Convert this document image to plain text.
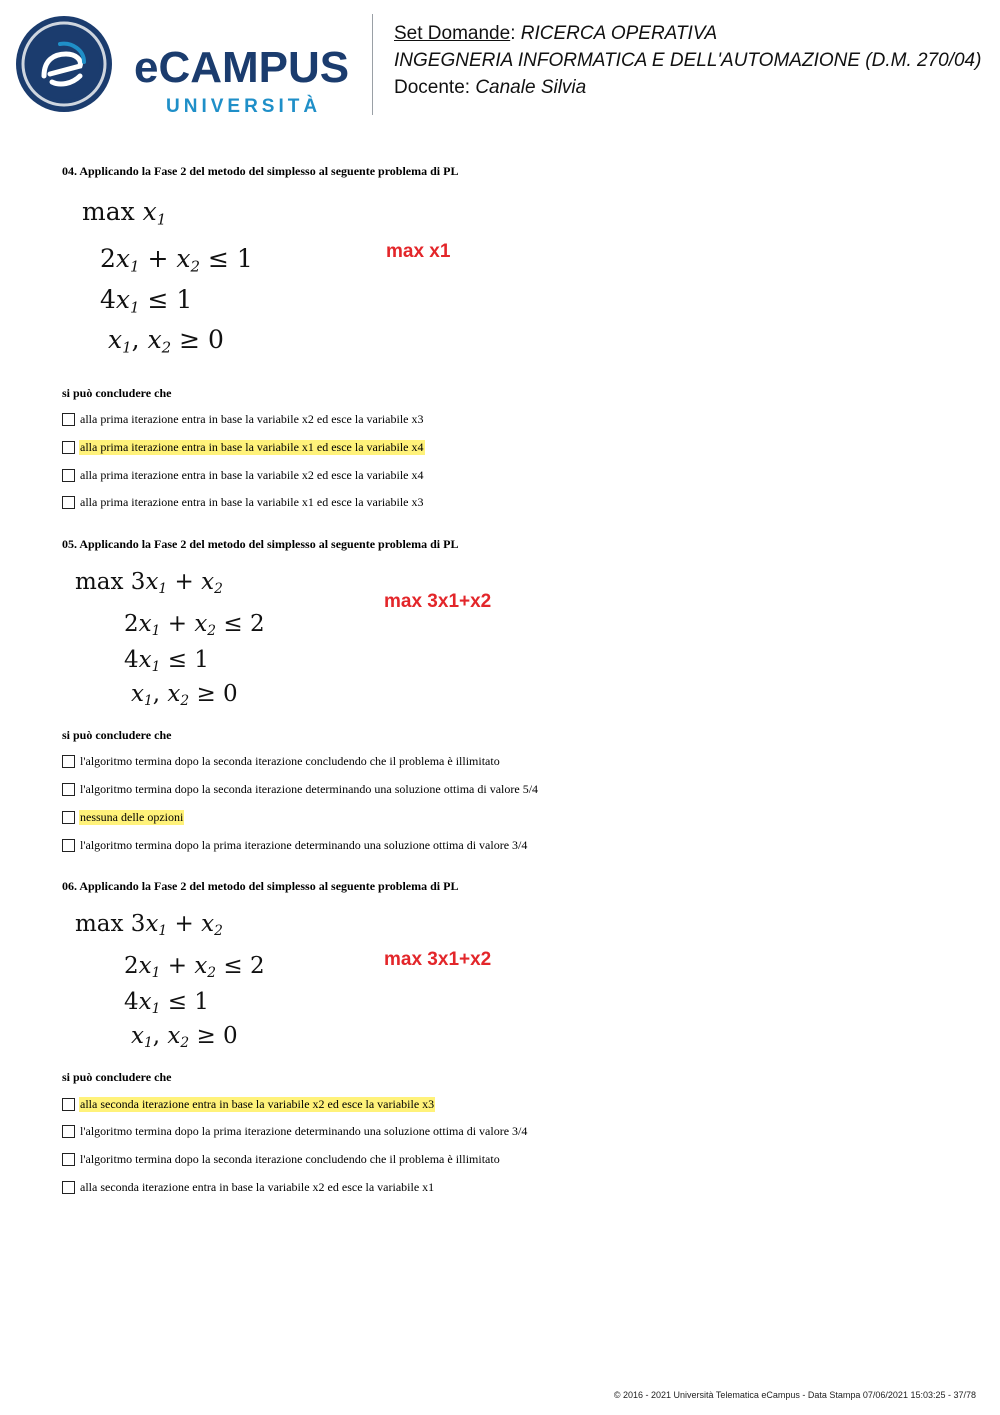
eCAMPUS
UNIVERSITÀ
Set Domande: RICERCA OPERATIVA
INGEGNERIA INFORMATICA E DELL'AUTOMAZIONE (D.M. 270/04)
Docente: Canale Silvia
04. Applicando la Fase 2 del metodo del simplesso al seguente problema di PL
$\max x_1$
$2x_1 + x_2 \le 1$
$4x_1 \le 1$
$x_1$, $x_2 \ge 0$
max x1
si può concludere che
alla prima iterazione entra in base la variabile x2 ed esce la variabile x3
alla prima iterazione entra in base la variabile x1 ed esce la variabile x4
alla prima iterazione entra in base la variabile x2 ed esce la variabile x4
alla prima iterazione entra in base la variabile x1 ed esce la variabile x3
05. Applicando la Fase 2 del metodo del simplesso al seguente problema di PL
$\max 3x_1 + x_2$
$2x_1 + x_2 \le 2$
$4x_1 \le 1$
$x_1$, $x_2 \ge 0$
max 3x1+x2
si può concludere che
l'algoritmo termina dopo la seconda iterazione concludendo che il problema è illimitato
l'algoritmo termina dopo la seconda iterazione determinando una soluzione ottima di valore 5/4
nessuna delle opzioni
l'algoritmo termina dopo la prima iterazione determinando una soluzione ottima di valore 3/4
06. Applicando la Fase 2 del metodo del simplesso al seguente problema di PL
$\max 3x_1 + x_2$
$2x_1 + x_2 \le 2$
$4x_1 \le 1$
$x_1$, $x_2 \ge 0$
max 3x1+x2
si può concludere che
alla seconda iterazione entra in base la variabile x2 ed esce la variabile x3
l'algoritmo termina dopo la prima iterazione determinando una soluzione ottima di valore 3/4
l'algoritmo termina dopo la seconda iterazione concludendo che il problema è illimitato
alla seconda iterazione entra in base la variabile x2 ed esce la variabile x1
© 2016 - 2021 Università Telematica eCampus - Data Stampa 07/06/2021 15:03:25 - 37/78
